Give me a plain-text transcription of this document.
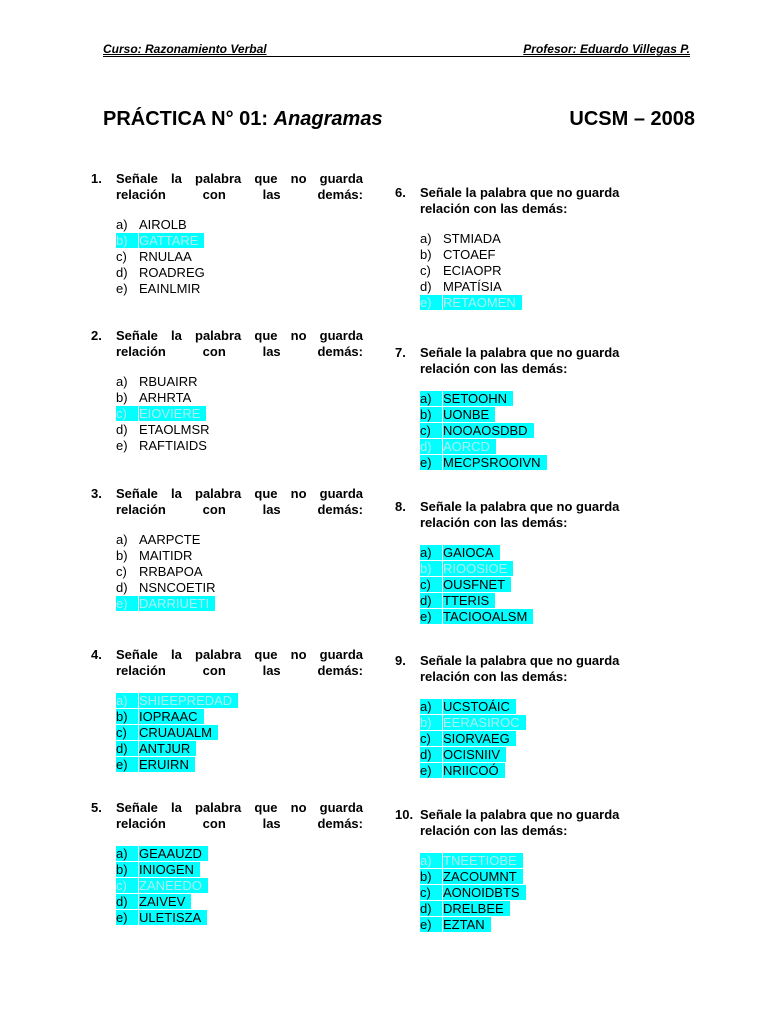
Curso: Razonamiento Verbal	Profesor: Eduardo Villegas P.
PRÁCTICA N° 01: Anagramas	UCSM – 2008
1. Señale la palabra que no guarda relación con las demás:
a) AIROLB
b) GATTARE
c) RNULAA
d) ROADREG
e) EAINLMIR
2. Señale la palabra que no guarda relación con las demás:
a) RBUAIRR
b) ARHRTA
c) EIOVIERE
d) ETAOLMSR
e) RAFTIAIDS
3. Señale la palabra que no guarda relación con las demás:
a) AARPCTE
b) MAITIDR
c) RRBAPOA
d) NSNCOETIR
e) DARRIUETI
4. Señale la palabra que no guarda relación con las demás:
a) SHIEEPREDAD
b) IOPRAAC
c) CRUAUALM
d) ANTJUR
e) ERUIRN
5. Señale la palabra que no guarda relación con las demás:
a) GEAAUZD
b) INIOGEN
c) ZANEEDO
d) ZAIVEV
e) ULETISZA
6. Señale la palabra que no guarda relación con las demás:
a) STMIADA
b) CTOAEF
c) ECIAOPR
d) MPATÍSIA
e) RETAOMEN
7. Señale la palabra que no guarda relación con las demás:
a) SETOOHN
b) UONBE
c) NOOAOSDBD
d) AORCD
e) MECPSROOIVN
8. Señale la palabra que no guarda relación con las demás:
a) GAIOCA
b) RIOOSIOE
c) OUSFNET
d) TTERIS
e) TACIOOALSM
9. Señale la palabra que no guarda relación con las demás:
a) UCSTOÁIC
b) EERASIROC
c) SIORVAEG
d) OCISNIIV
e) NRIICOÓ
10. Señale la palabra que no guarda relación con las demás:
a) TNEETIOBE
b) ZACOUMNT
c) AONOIDBTS
d) DRELBEE
e) EZTAN
